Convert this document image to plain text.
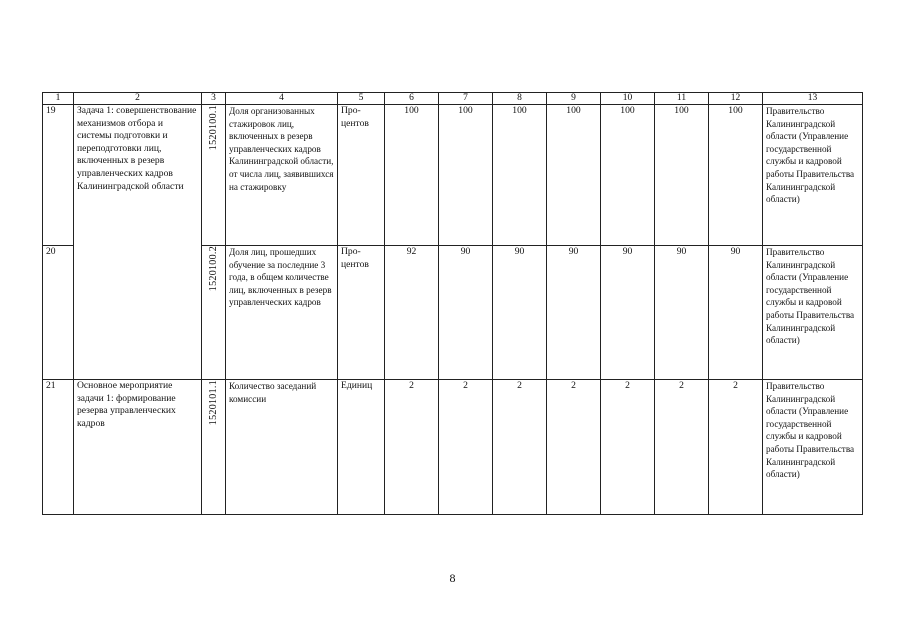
1	2	3	4	5	6	7	8	9	10	11	12	13
19	Задача 1: совершенствование механизмов отбора и системы подготовки и переподготовки лиц, включенных в резерв управленческих кадров Калининградской области	1520100.1	Доля организованных стажировок лиц, включенных в резерв управленческих кадров Калининградской области, от числа лиц, заявившихся на стажировку	Про-центов	100	100	100	100	100	100	100	Правительство Калининградской области (Управление государственной службы и кадровой работы Правительства Калининградской области)
20		1520100.2	Доля лиц, прошедших обучение за последние 3 года, в общем количестве лиц, включенных в резерв управленческих кадров	Про-центов	92	90	90	90	90	90	90	Правительство Калининградской области (Управление государственной службы и кадровой работы Правительства Калининградской области)
21	Основное мероприятие задачи 1: формирование резерва управленческих кадров	1520101.1	Количество заседаний комиссии	Единиц	2	2	2	2	2	2	2	Правительство Калининградской области (Управление государственной службы и кадровой работы Правительства Калининградской области)
8
